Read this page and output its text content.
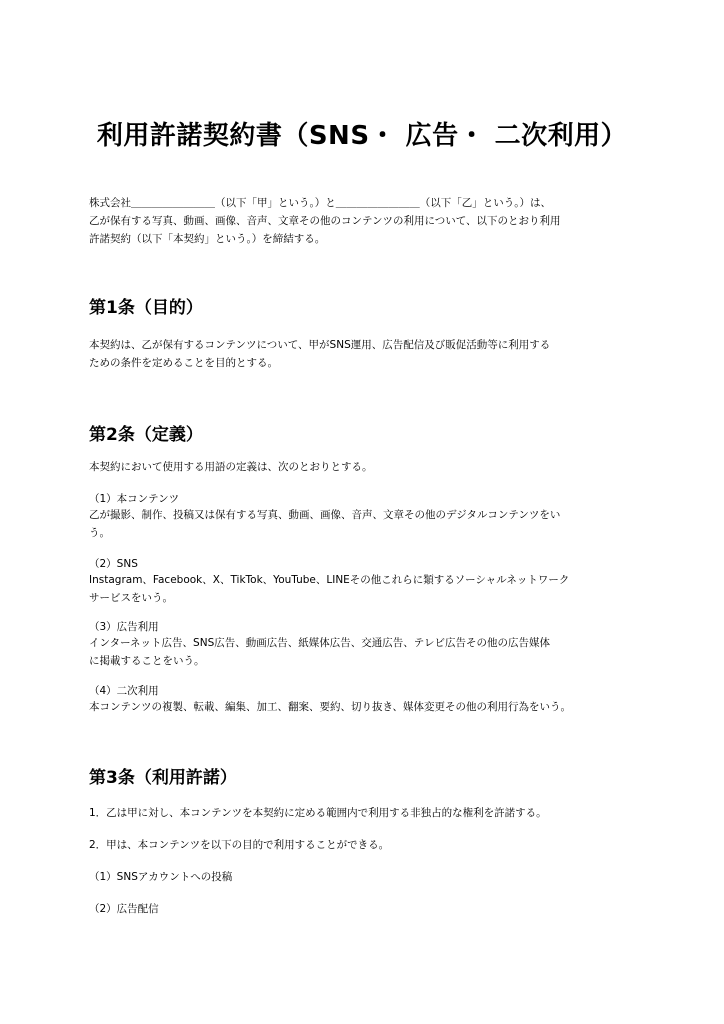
利用許諾契約書（SNS・ 広告・ 二次利用）
株式会社＿＿＿＿＿＿＿＿（以下「甲」という。）と＿＿＿＿＿＿＿＿（以下「乙」という。）は、
乙が保有する写真、動画、画像、音声、文章その他のコンテンツの利用について、以下のとおり利用
許諾契約（以下「本契約」という。）を締結する。
第1条（目的）
本契約は、乙が保有するコンテンツについて、甲がSNS運用、広告配信及び販促活動等に利用する
ための条件を定めることを目的とする。
第2条（定義）
本契約において使用する用語の定義は、次のとおりとする。
（1）本コンテンツ
乙が撮影、制作、投稿又は保有する写真、動画、画像、音声、文章その他のデジタルコンテンツをい
う。
（2）SNS
Instagram、Facebook、X、TikTok、YouTube、LINEその他これらに類するソーシャルネットワーク
サービスをいう。
（3）広告利用
インターネット広告、SNS広告、動画広告、紙媒体広告、交通広告、テレビ広告その他の広告媒体
に掲載することをいう。
（4）二次利用
本コンテンツの複製、転載、編集、加工、翻案、要約、切り抜き、媒体変更その他の利用行為をいう。
第3条（利用許諾）
1．乙は甲に対し、本コンテンツを本契約に定める範囲内で利用する非独占的な権利を許諾する。
2．甲は、本コンテンツを以下の目的で利用することができる。
（1）SNSアカウントへの投稿
（2）広告配信
